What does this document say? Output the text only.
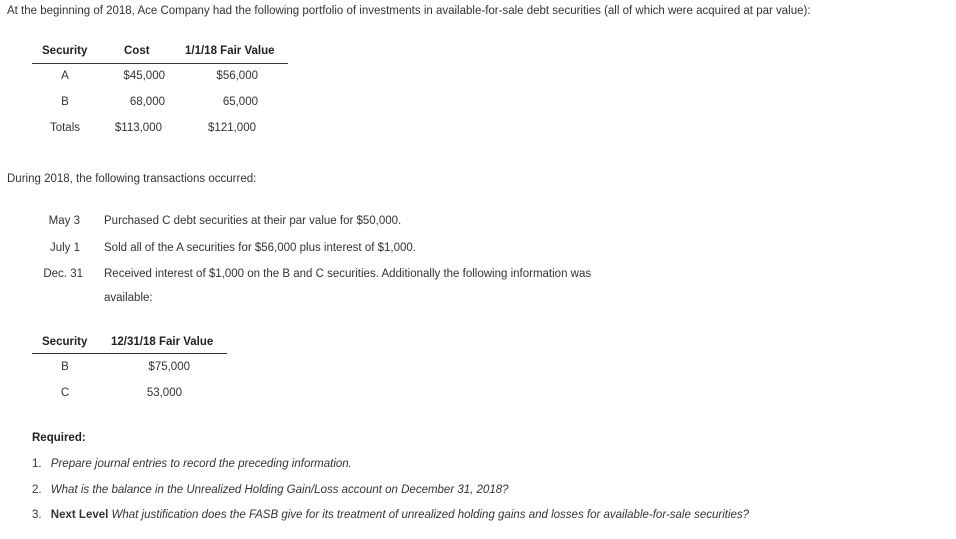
At the beginning of 2018, Ace Company had the following portfolio of investments in available-for-sale debt securities (all of which were acquired at par value):
Security	Cost	1/1/18 Fair Value
A	$45,000	$56,000
B	68,000	65,000
Totals	$113,000	$121,000
During 2018, the following transactions occurred:
May 3 Purchased C debt securities at their par value for $50,000.
July 1 Sold all of the A securities for $56,000 plus interest of $1,000.
Dec. 31 Received interest of $1,000 on the B and C securities. Additionally the following information was
available:
Security 12/31/18 Fair Value
B	$75,000
C	53,000
Required:
1. Prepare journal entries to record the preceding information.
2. What is the balance in the Unrealized Holding Gain/Loss account on December 31, 2018?
3. Next Level What justification does the FASB give for its treatment of unrealized holding gains and losses for available-for-sale securities?
